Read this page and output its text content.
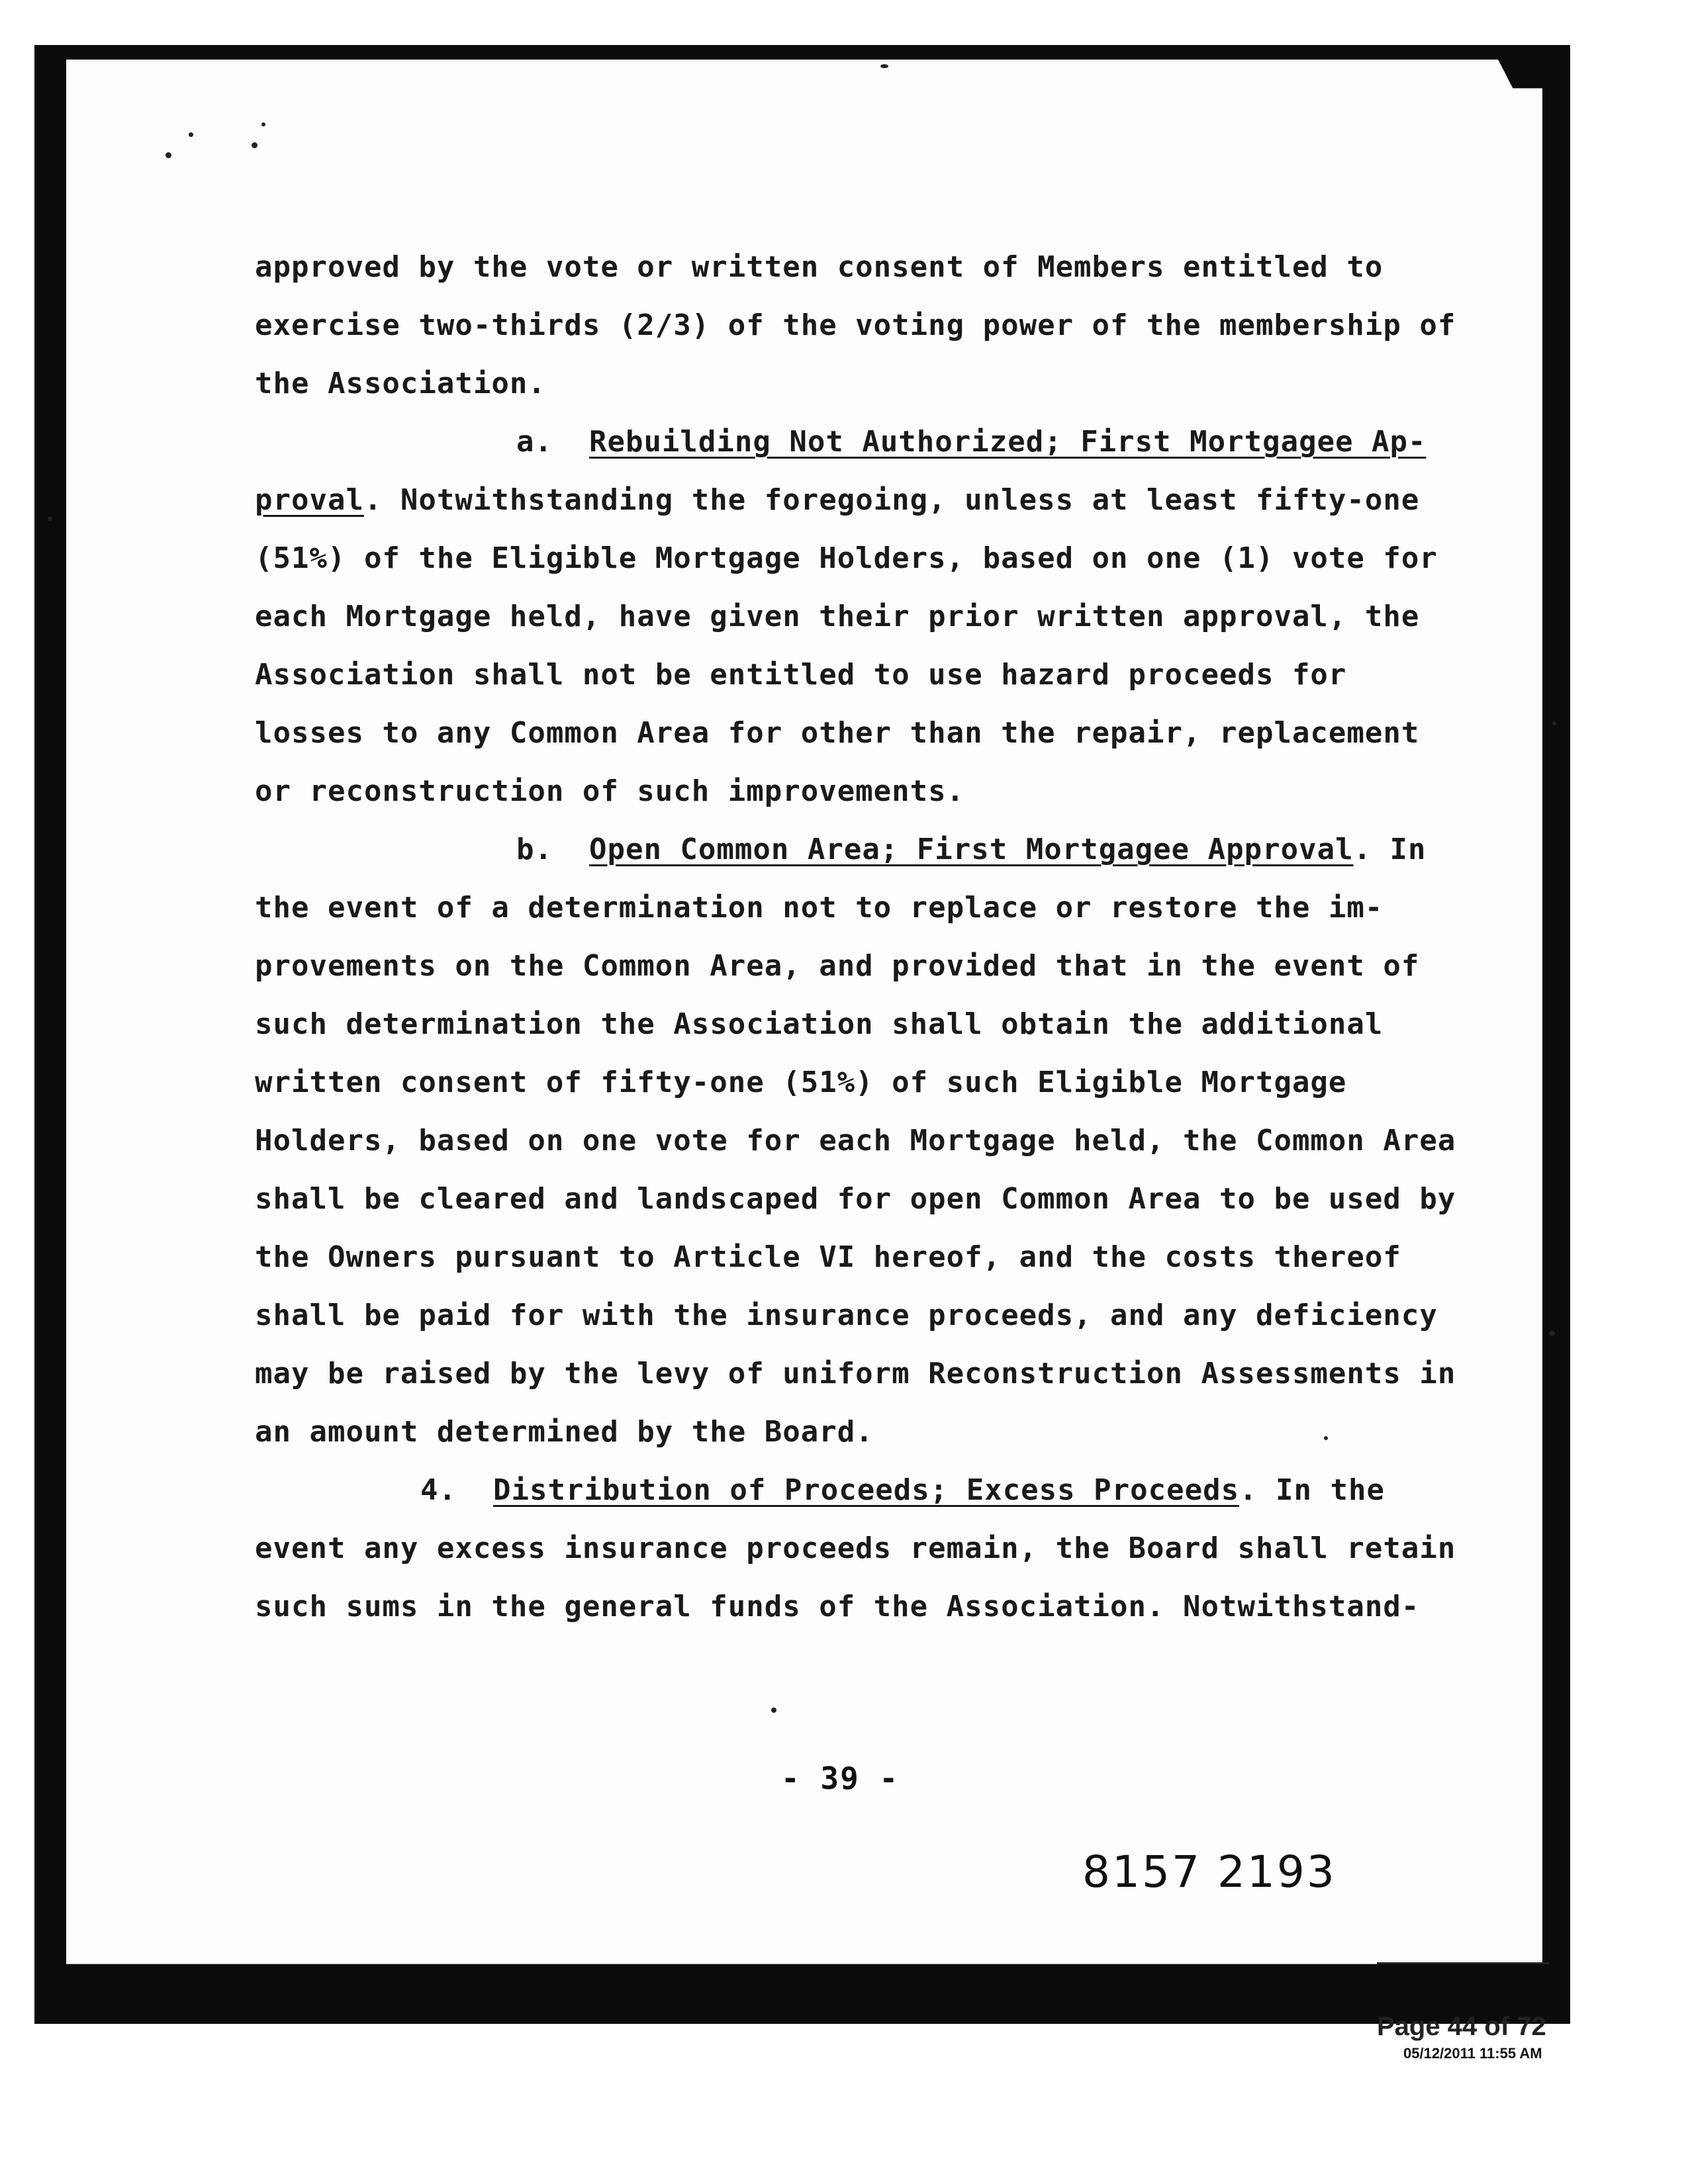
approved by the vote or written consent of Members entitled to
exercise two-thirds (2/3) of the voting power of the membership of
the Association.
a. Rebuilding Not Authorized; First Mortgagee Ap-
proval. Notwithstanding the foregoing, unless at least fifty-one
(51%) of the Eligible Mortgage Holders, based on one (1) vote for
each Mortgage held, have given their prior written approval, the
Association shall not be entitled to use hazard proceeds for
losses to any Common Area for other than the repair, replacement
or reconstruction of such improvements.
b. Open Common Area; First Mortgagee Approval. In
the event of a determination not to replace or restore the im-
provements on the Common Area, and provided that in the event of
such determination the Association shall obtain the additional
written consent of fifty-one (51%) of such Eligible Mortgage
Holders, based on one vote for each Mortgage held, the Common Area
shall be cleared and landscaped for open Common Area to be used by
the Owners pursuant to Article VI hereof, and the costs thereof
shall be paid for with the insurance proceeds, and any deficiency
may be raised by the levy of uniform Reconstruction Assessments in
an amount determined by the Board.
4. Distribution of Proceeds; Excess Proceeds. In the
event any excess insurance proceeds remain, the Board shall retain
such sums in the general funds of the Association. Notwithstand-
- 39 -
8157 2193
Page 44 of 72
05/12/2011 11:55 AM
